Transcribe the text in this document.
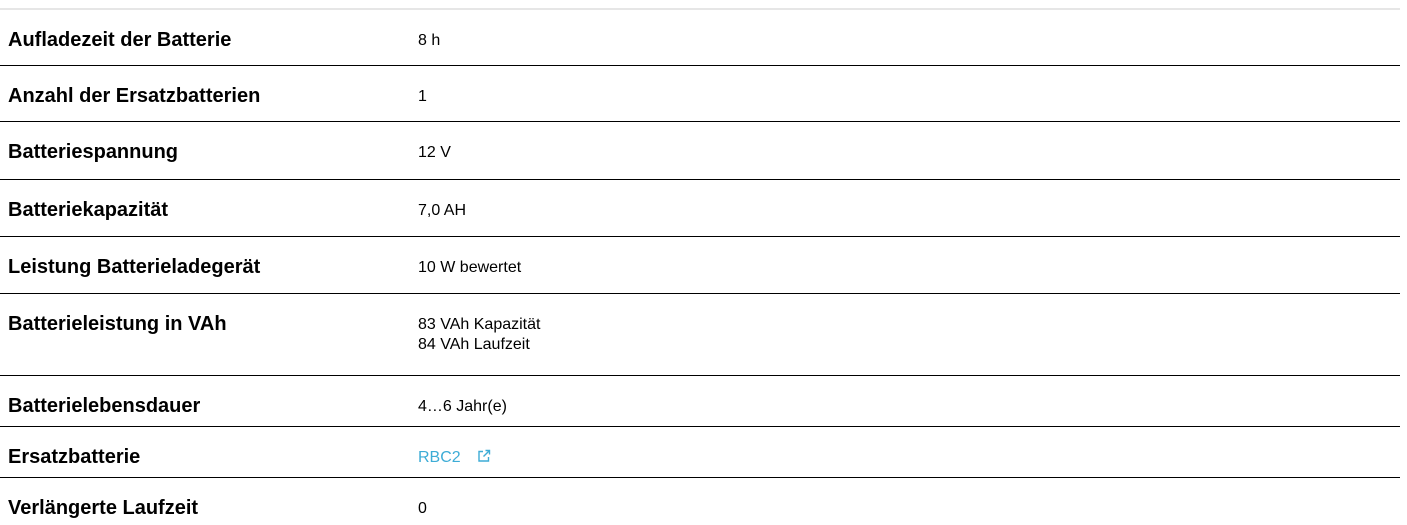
Aufladezeit der Batterie	8 h
Anzahl der Ersatzbatterien	1
Batteriespannung	12 V
Batteriekapazität	7,0 AH
Leistung Batterieladegerät	10 W bewertet
Batterieleistung in VAh	83 VAh Kapazität
84 VAh Laufzeit
Batterielebensdauer	4…6 Jahr(e)
Ersatzbatterie	RBC2
Verlängerte Laufzeit	0
